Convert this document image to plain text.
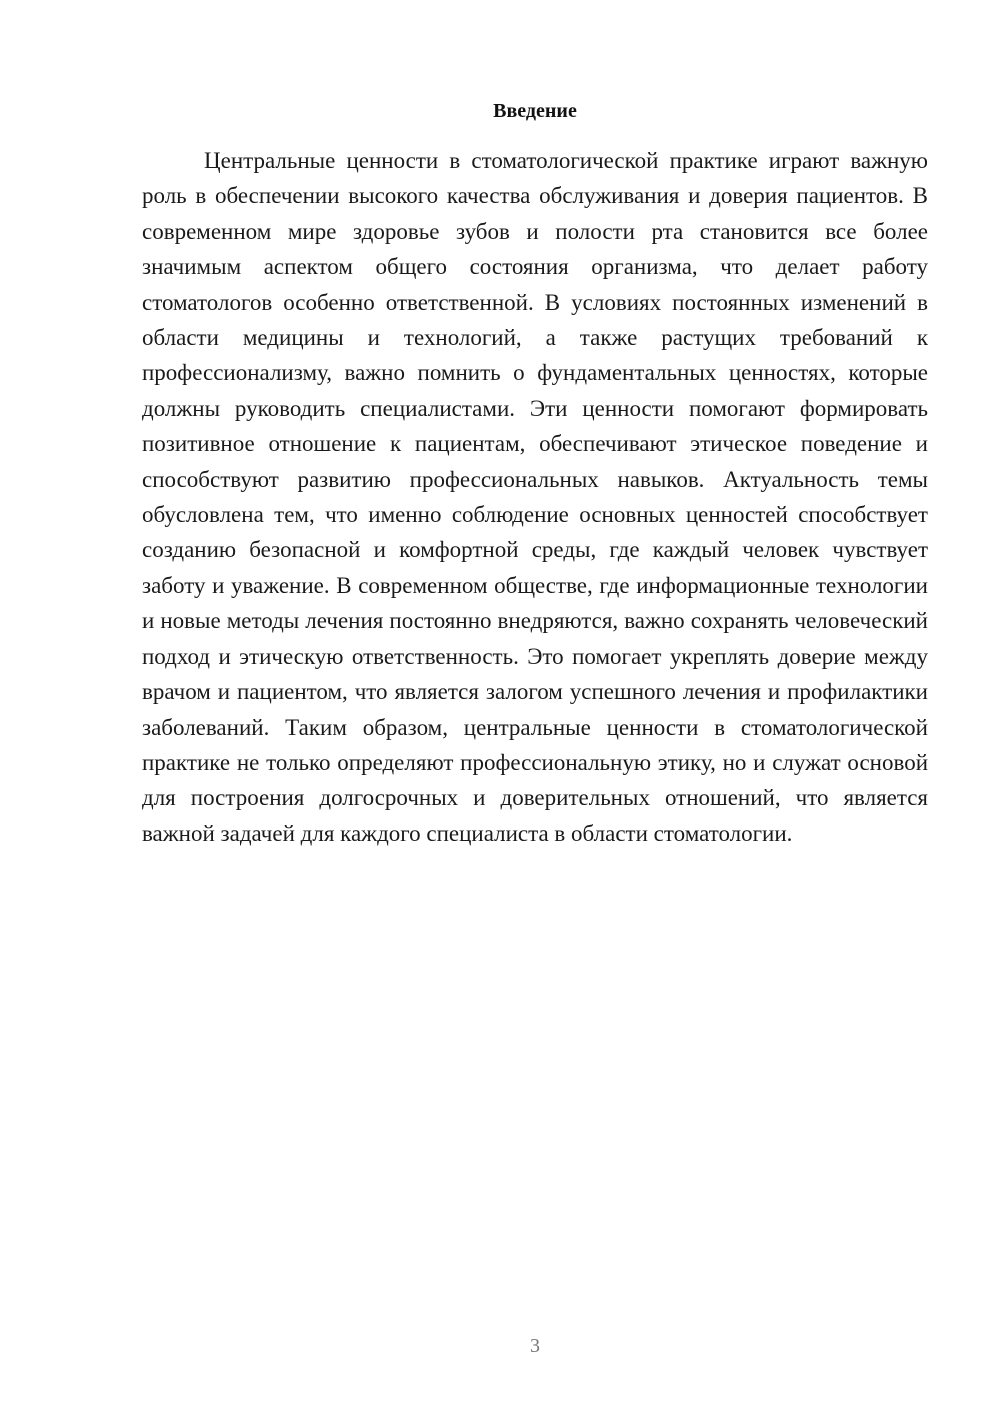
Введение

Центральные ценности в стоматологической практике играют важную роль в обеспечении высокого качества обслуживания и доверия пациентов. В современном мире здоровье зубов и полости рта становится все более значимым аспектом общего состояния организма, что делает работу стоматологов особенно ответственной. В условиях постоянных изменений в области медицины и технологий, а также растущих требований к профессионализму, важно помнить о фундаментальных ценностях, которые должны руководить специалистами. Эти ценности помогают формировать позитивное отношение к пациентам, обеспечивают этическое поведение и способствуют развитию профессиональных навыков. Актуальность темы обусловлена тем, что именно соблюдение основных ценностей способствует созданию безопасной и комфортной среды, где каждый человек чувствует заботу и уважение. В современном обществе, где информационные технологии и новые методы лечения постоянно внедряются, важно сохранять человеческий подход и этическую ответственность. Это помогает укреплять доверие между врачом и пациентом, что является залогом успешного лечения и профилактики заболеваний. Таким образом, центральные ценности в стоматологической практике не только определяют профессиональную этику, но и служат основой для построения долгосрочных и доверительных отношений, что является важной задачей для каждого специалиста в области стоматологии.

3
